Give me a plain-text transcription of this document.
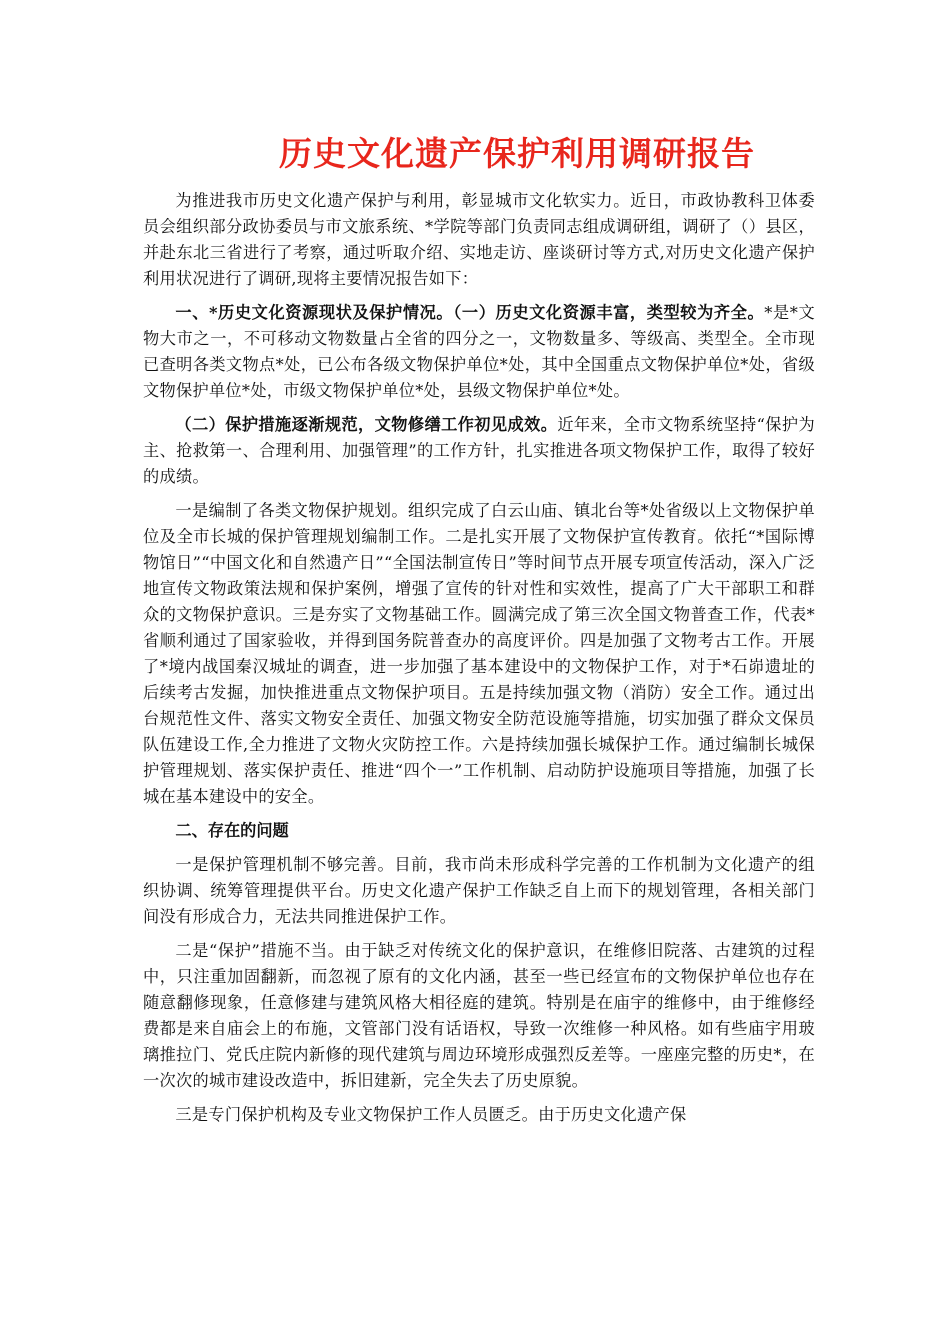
历史文化遗产保护利用调研报告

为推进我市历史文化遗产保护与利用，彰显城市文化软实力。近日，市政协教科卫体委员会组织部分政协委员与市文旅系统、*学院等部门负责同志组成调研组，调研了（）县区，并赴东北三省进行了考察，通过听取介绍、实地走访、座谈研讨等方式,对历史文化遗产保护利用状况进行了调研,现将主要情况报告如下：

一、*历史文化资源现状及保护情况。（一）历史文化资源丰富，类型较为齐全。*是*文物大市之一，不可移动文物数量占全省的四分之一，文物数量多、等级高、类型全。全市现已查明各类文物点*处，已公布各级文物保护单位*处，其中全国重点文物保护单位*处，省级文物保护单位*处，市级文物保护单位*处，县级文物保护单位*处。

（二）保护措施逐渐规范，文物修缮工作初见成效。近年来，全市文物系统坚持“保护为主、抢救第一、合理利用、加强管理”的工作方针，扎实推进各项文物保护工作，取得了较好的成绩。

一是编制了各类文物保护规划。组织完成了白云山庙、镇北台等*处省级以上文物保护单位及全市长城的保护管理规划编制工作。二是扎实开展了文物保护宣传教育。依托“*国际博物馆日”“中国文化和自然遗产日”“全国法制宣传日”等时间节点开展专项宣传活动，深入广泛地宣传文物政策法规和保护案例，增强了宣传的针对性和实效性，提高了广大干部职工和群众的文物保护意识。三是夯实了文物基础工作。圆满完成了第三次全国文物普查工作，代表*省顺利通过了国家验收，并得到国务院普查办的高度评价。四是加强了文物考古工作。开展了*境内战国秦汉城址的调查，进一步加强了基本建设中的文物保护工作，对于*石峁遗址的后续考古发掘，加快推进重点文物保护项目。五是持续加强文物（消防）安全工作。通过出台规范性文件、落实文物安全责任、加强文物安全防范设施等措施，切实加强了群众文保员队伍建设工作,全力推进了文物火灾防控工作。六是持续加强长城保护工作。通过编制长城保护管理规划、落实保护责任、推进“四个一”工作机制、启动防护设施项目等措施，加强了长城在基本建设中的安全。

二、存在的问题

一是保护管理机制不够完善。目前，我市尚未形成科学完善的工作机制为文化遗产的组织协调、统筹管理提供平台。历史文化遗产保护工作缺乏自上而下的规划管理，各相关部门间没有形成合力，无法共同推进保护工作。

二是“保护”措施不当。由于缺乏对传统文化的保护意识，在维修旧院落、古建筑的过程中，只注重加固翻新，而忽视了原有的文化内涵，甚至一些已经宣布的文物保护单位也存在随意翻修现象，任意修建与建筑风格大相径庭的建筑。特别是在庙宇的维修中，由于维修经费都是来自庙会上的布施，文管部门没有话语权，导致一次维修一种风格。如有些庙宇用玻璃推拉门、党氏庄院内新修的现代建筑与周边环境形成强烈反差等。一座座完整的历史*，在一次次的城市建设改造中，拆旧建新，完全失去了历史原貌。

三是专门保护机构及专业文物保护工作人员匮乏。由于历史文化遗产保
